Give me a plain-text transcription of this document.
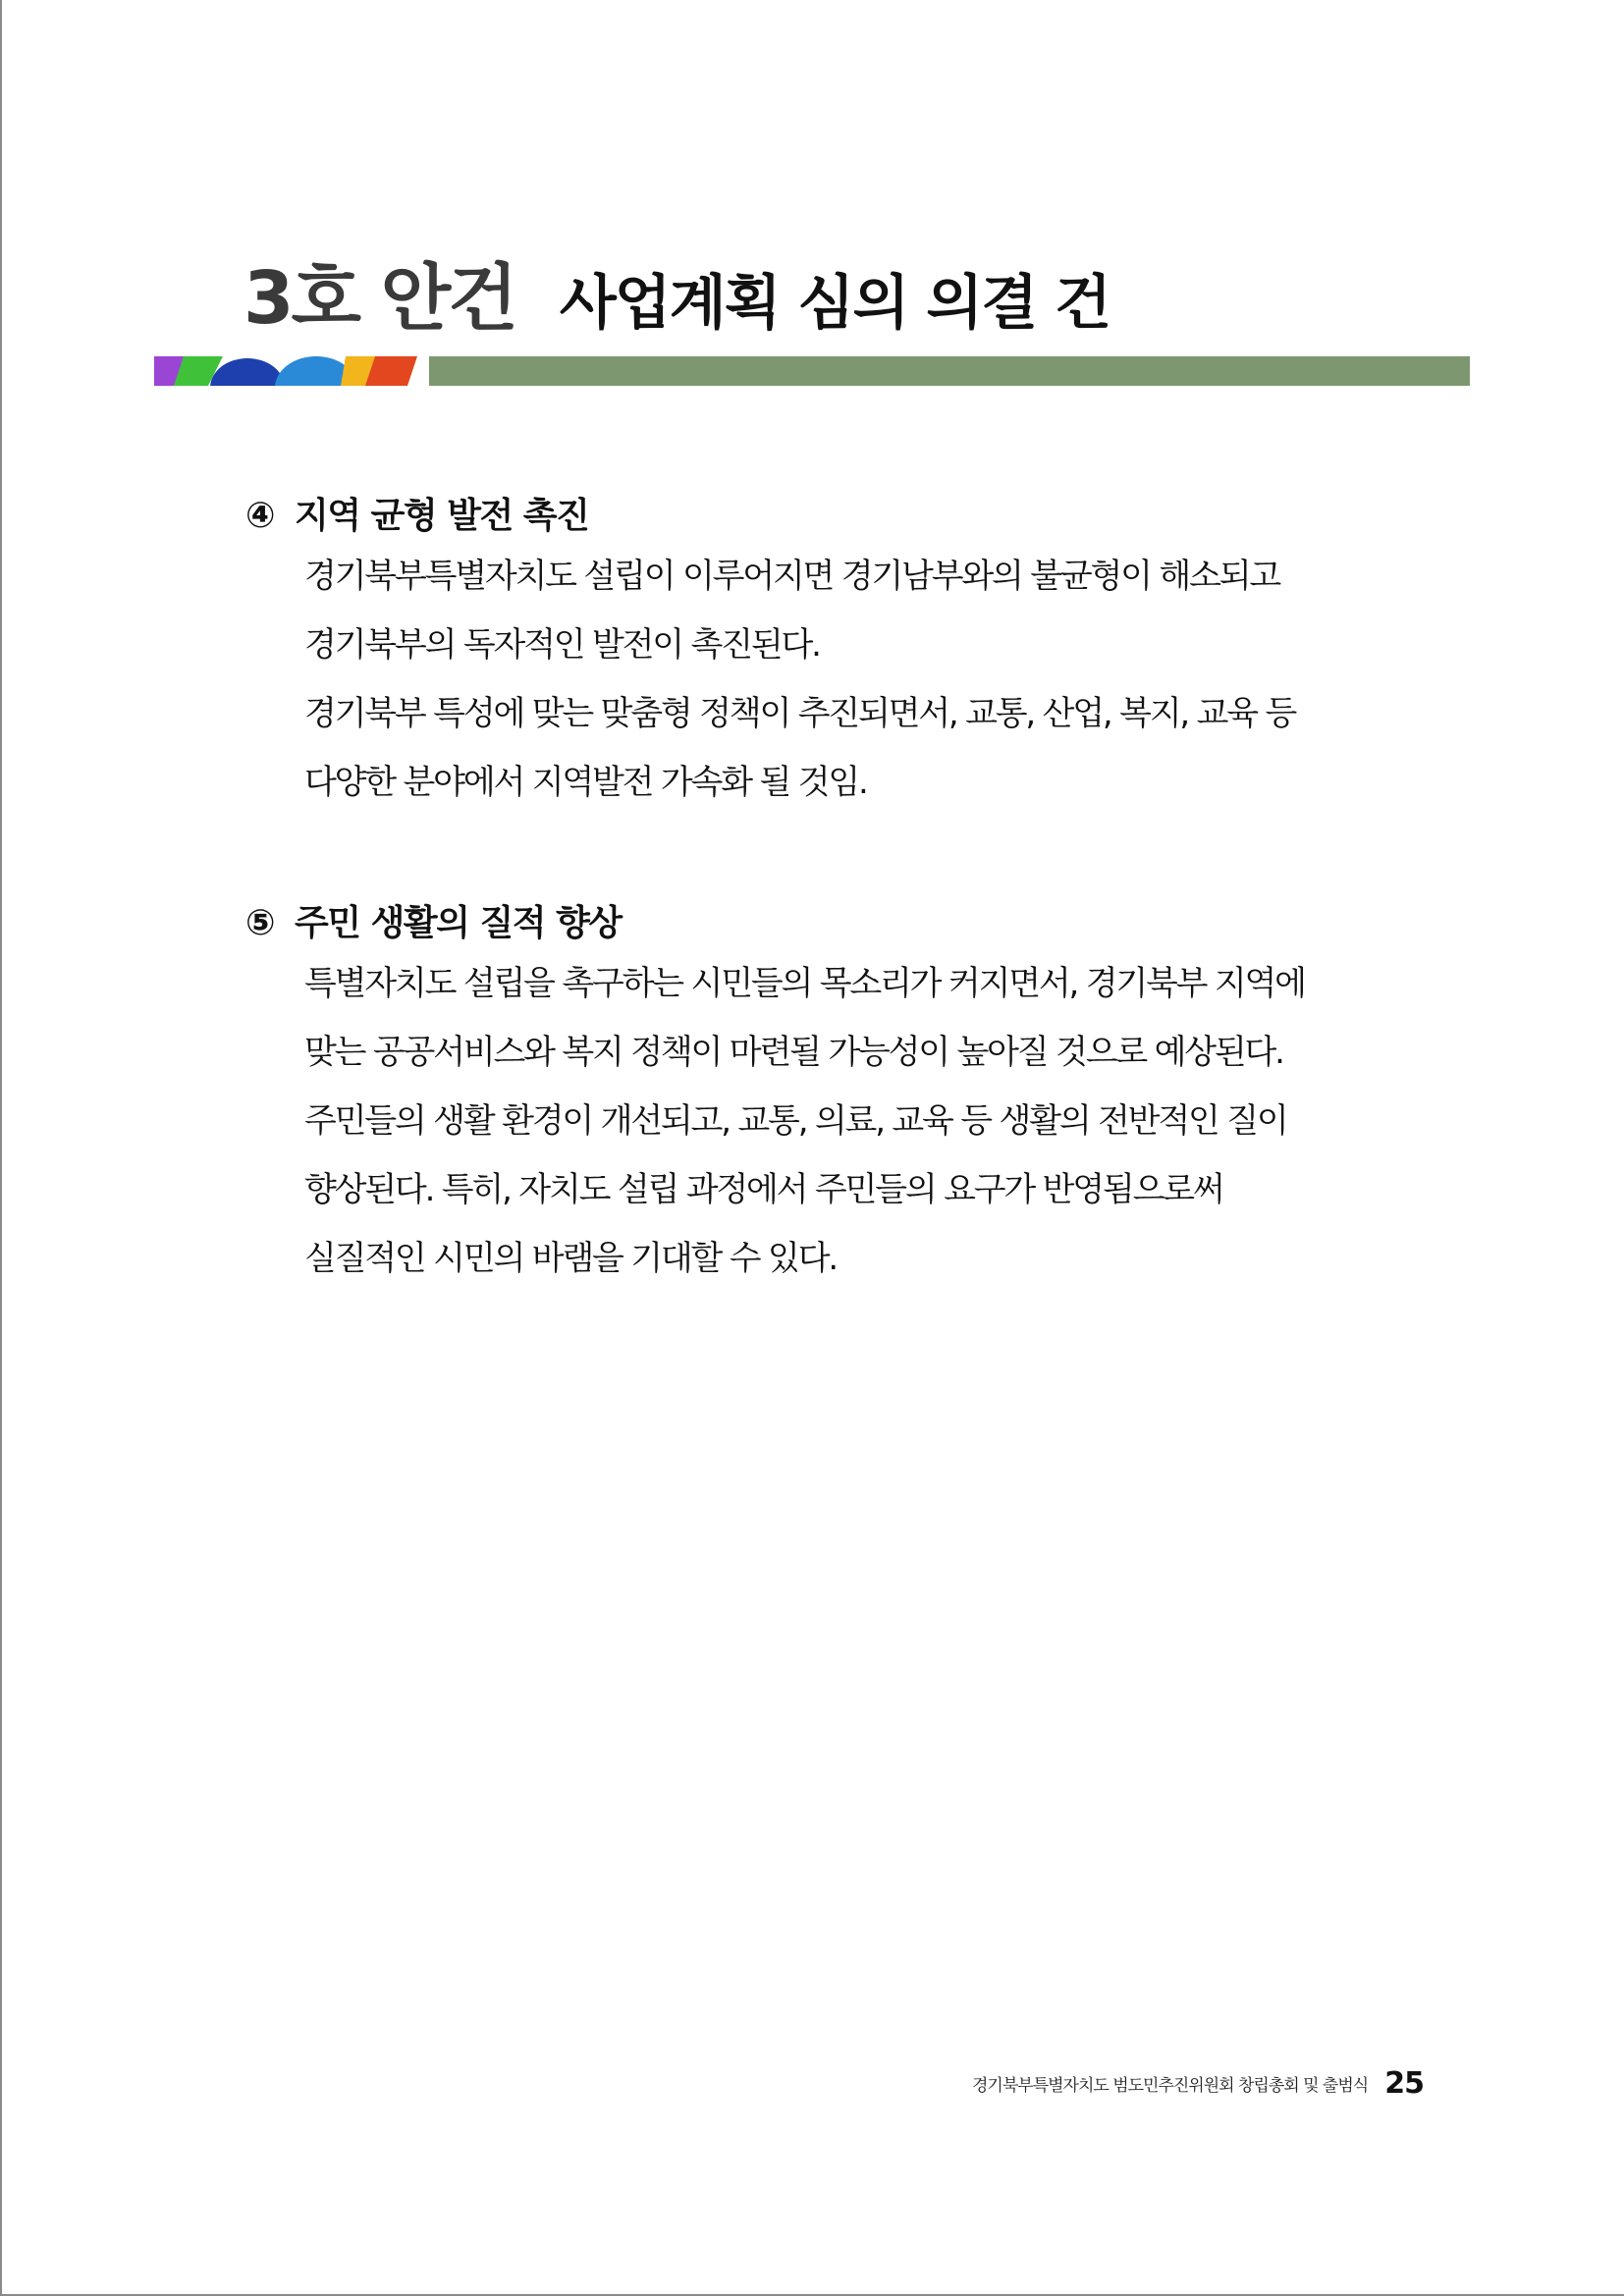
3호 안건 사업계획 심의 의결 건
④ 지역 균형 발전 촉진
경기북부특별자치도 설립이 이루어지면 경기남부와의 불균형이 해소되고
경기북부의 독자적인 발전이 촉진된다.
경기북부 특성에 맞는 맞춤형 정책이 추진되면서, 교통, 산업, 복지, 교육 등
다양한 분야에서 지역발전 가속화 될 것임.
⑤ 주민 생활의 질적 향상
특별자치도 설립을 촉구하는 시민들의 목소리가 커지면서, 경기북부 지역에
맞는 공공서비스와 복지 정책이 마련될 가능성이 높아질 것으로 예상된다.
주민들의 생활 환경이 개선되고, 교통, 의료, 교육 등 생활의 전반적인 질이
향상된다. 특히, 자치도 설립 과정에서 주민들의 요구가 반영됨으로써
실질적인 시민의 바램을 기대할 수 있다.
경기북부특별자치도 범도민추진위원회 창립총회 및 출범식 25
